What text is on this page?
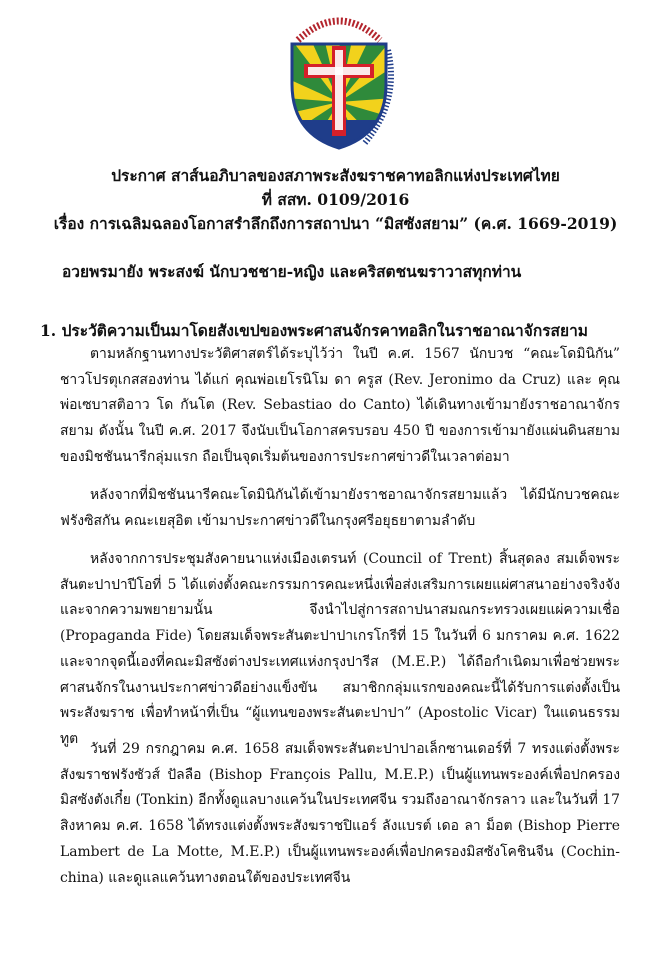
ประกาศ สาส์นอภิบาลของสภาพระสังฆราชคาทอลิกแห่งประเทศไทย
ที่ สสท. 0109/2016
เรื่อง การเฉลิมฉลองโอกาสรำลึกถึงการสถาปนา “มิสซังสยาม” (ค.ศ. 1669-2019)
อวยพรมายัง พระสงฆ์ นักบวชชาย-หญิง และคริสตชนฆราวาสทุกท่าน
1. ประวัติความเป็นมาโดยสังเขปของพระศาสนจักรคาทอลิกในราชอาณาจักรสยาม

ตามหลักฐานทางประวัติศาสตร์ได้ระบุไว้ว่า ในปี ค.ศ. 1567 นักบวช “คณะโดมินิกัน” ชาวโปรตุเกสสองท่าน ได้แก่ คุณพ่อเยโรนิโม ดา ครูส (Rev. Jeronimo da Cruz) และ คุณพ่อเซบาสติอาว โด กันโต (Rev. Sebastiao do Canto) ได้เดินทางเข้ามายังราชอาณาจักรสยาม ดังนั้น ในปี ค.ศ. 2017 จึงนับเป็นโอกาสครบรอบ 450 ปี ของการเข้ามายังแผ่นดินสยามของมิชชันนารีกลุ่มแรก ถือเป็นจุดเริ่มต้นของการประกาศข่าวดีในเวลาต่อมา

หลังจากที่มิชชันนารีคณะโดมินิกันได้เข้ามายังราชอาณาจักรสยามแล้ว ได้มีนักบวชคณะฟรังซิสกัน คณะเยสุอิต เข้ามาประกาศข่าวดีในกรุงศรีอยุธยาตามลำดับ

หลังจากการประชุมสังคายนาแห่งเมืองเตรนท์ (Council of Trent) สิ้นสุดลง สมเด็จพระสันตะปาปาปีโอที่ 5 ได้แต่งตั้งคณะกรรมการคณะหนึ่งเพื่อส่งเสริมการเผยแผ่ศาสนาอย่างจริงจัง และจากความพยายามนั้น จึงนำไปสู่การสถาปนาสมณกระทรวงเผยแผ่ความเชื่อ (Propaganda Fide) โดยสมเด็จพระสันตะปาปาเกรโกรีที่ 15 ในวันที่ 6 มกราคม ค.ศ. 1622 และจากจุดนี้เองที่คณะมิสซังต่างประเทศแห่งกรุงปารีส (M.E.P.) ได้ถือกำเนิดมาเพื่อช่วยพระศาสนจักรในงานประกาศข่าวดีอย่างแข็งขัน สมาชิกกลุ่มแรกของคณะนี้ได้รับการแต่งตั้งเป็นพระสังฆราช เพื่อทำหน้าที่เป็น “ผู้แทนของพระสันตะปาปา” (Apostolic Vicar) ในแดนธรรมทูต

วันที่ 29 กรกฎาคม ค.ศ. 1658 สมเด็จพระสันตะปาปาอเล็กซานเดอร์ที่ 7 ทรงแต่งตั้งพระสังฆราชฟรังซัวส์ ปัลลือ (Bishop François Pallu, M.E.P.) เป็นผู้แทนพระองค์เพื่อปกครองมิสซังตังเกี๋ย (Tonkin) อีกทั้งดูแลบางแคว้นในประเทศจีน รวมถึงอาณาจักรลาว และในวันที่ 17 สิงหาคม ค.ศ. 1658 ได้ทรงแต่งตั้งพระสังฆราชปิแอร์ ลังแบรต์ เดอ ลา ม็อต (Bishop Pierre Lambert de La Motte, M.E.P.) เป็นผู้แทนพระองค์เพื่อปกครองมิสซังโคชินจีน (Cochin-china) และดูแลแคว้นทางตอนใต้ของประเทศจีน
